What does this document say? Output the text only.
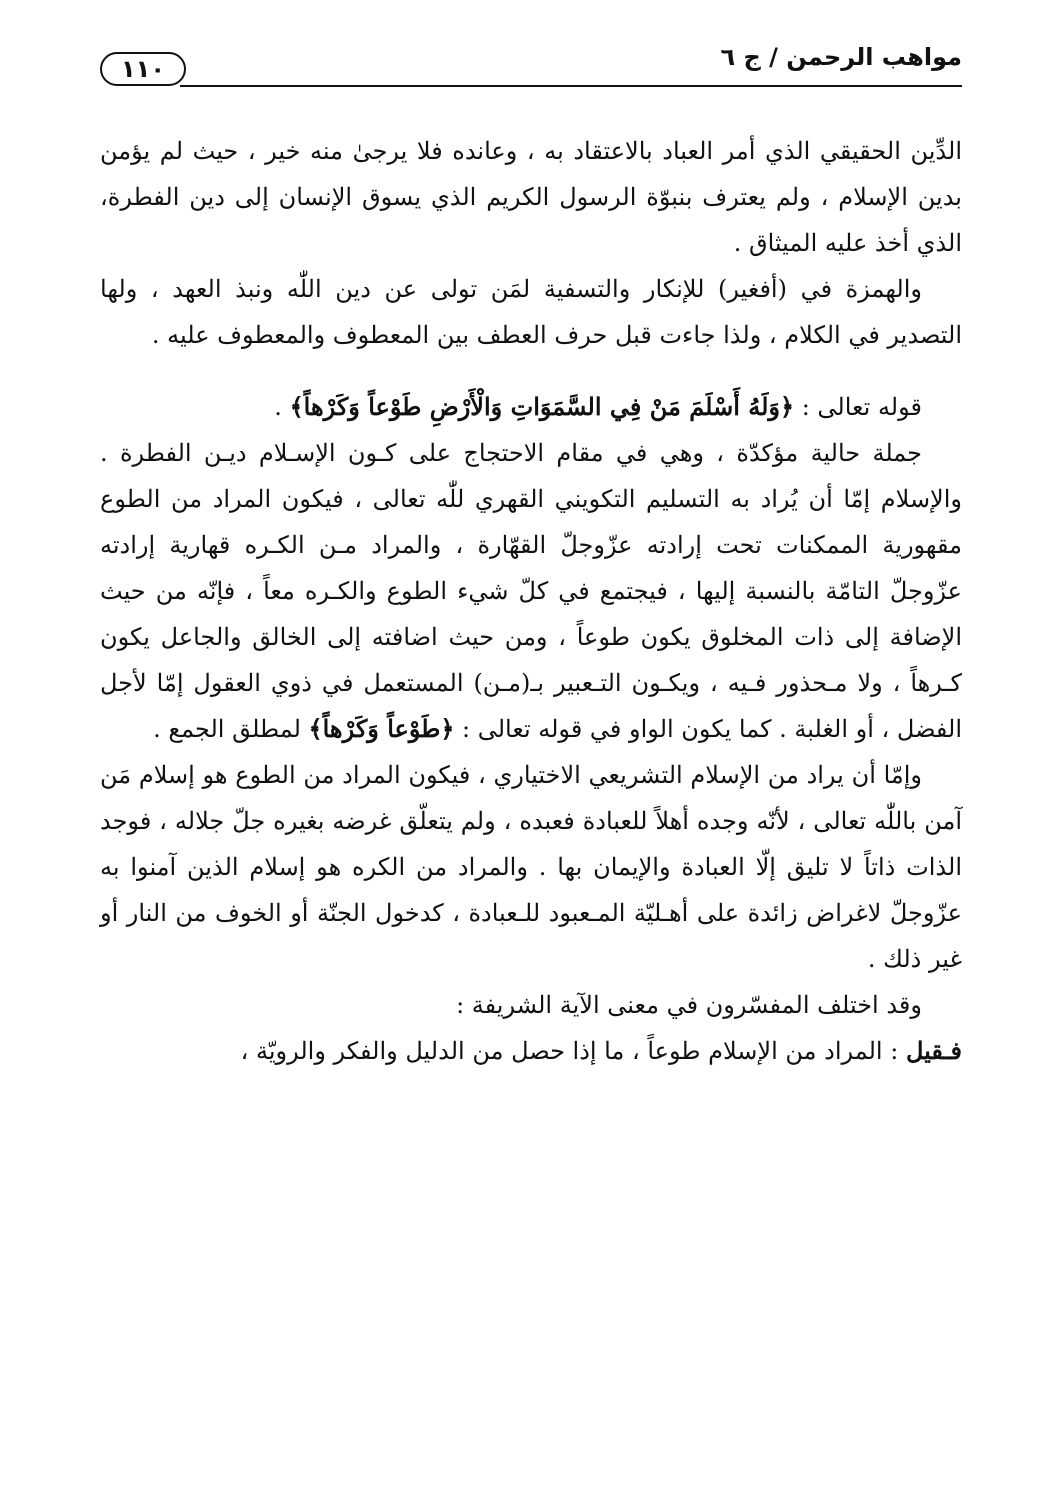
مواهب الرحمن / ج ٦
١١٠

الدِّين الحقيقي الذي أمر العباد بالاعتقاد به ، وعانده فلا يرجىٰ منه خير ، حيث لم يؤمن بدين الإسلام ، ولم يعترف بنبوّة الرسول الكريم الذي يسوق الإنسان إلى دين الفطرة، الذي أخذ عليه الميثاق .

والهمزة في (أفغير) للإنكار والتسفية لمَن تولى عن دين اللّٰه ونبذ العهد ، ولها التصدير في الكلام ، ولذا جاءت قبل حرف العطف بين المعطوف والمعطوف عليه .

قوله تعالى : ﴿وَلَهُ أَسْلَمَ مَنْ فِي السَّمَوَاتِ وَالْأَرْضِ طَوْعاً وَكَرْهاً﴾ .

جملة حالية مؤكدّة ، وهي في مقام الاحتجاج على كـون الإسـلام ديـن الفطرة . والإسلام إمّا أن يُراد به التسليم التكويني القهري للّٰه تعالى ، فيكون المراد من الطوع مقهورية الممكنات تحت إرادته عزّوجلّ القهّارة ، والمراد مـن الكـره قهارية إرادته عزّوجلّ التامّة بالنسبة إليها ، فيجتمع في كلّ شيء الطوع والكـره معاً ، فإنّه من حيث الإضافة إلى ذات المخلوق يكون طوعاً ، ومن حيث اضافته إلى الخالق والجاعل يكون كـرهاً ، ولا مـحذور فـيه ، ويكـون التـعبير بـ(مـن) المستعمل في ذوي العقول إمّا لأجل الفضل ، أو الغلبة . كما يكون الواو في قوله تعالى : ﴿طَوْعاً وَكَرْهاً﴾ لمطلق الجمع .

وإمّا أن يراد من الإسلام التشريعي الاختياري ، فيكون المراد من الطوع هو إسلام مَن آمن باللّٰه تعالى ، لأنّه وجده أهلاً للعبادة فعبده ، ولم يتعلّق غرضه بغيره جلّ جلاله ، فوجد الذات ذاتاً لا تليق إلّا العبادة والإيمان بها . والمراد من الكره هو إسلام الذين آمنوا به عزّوجلّ لاغراض زائدة على أهـليّة المـعبود للـعبادة ، كدخول الجنّة أو الخوف من النار أو غير ذلك .

وقد اختلف المفسّرون في معنى الآية الشريفة :

فـقيل : المراد من الإسلام طوعاً ، ما إذا حصل من الدليل والفكر والرويّة ،
